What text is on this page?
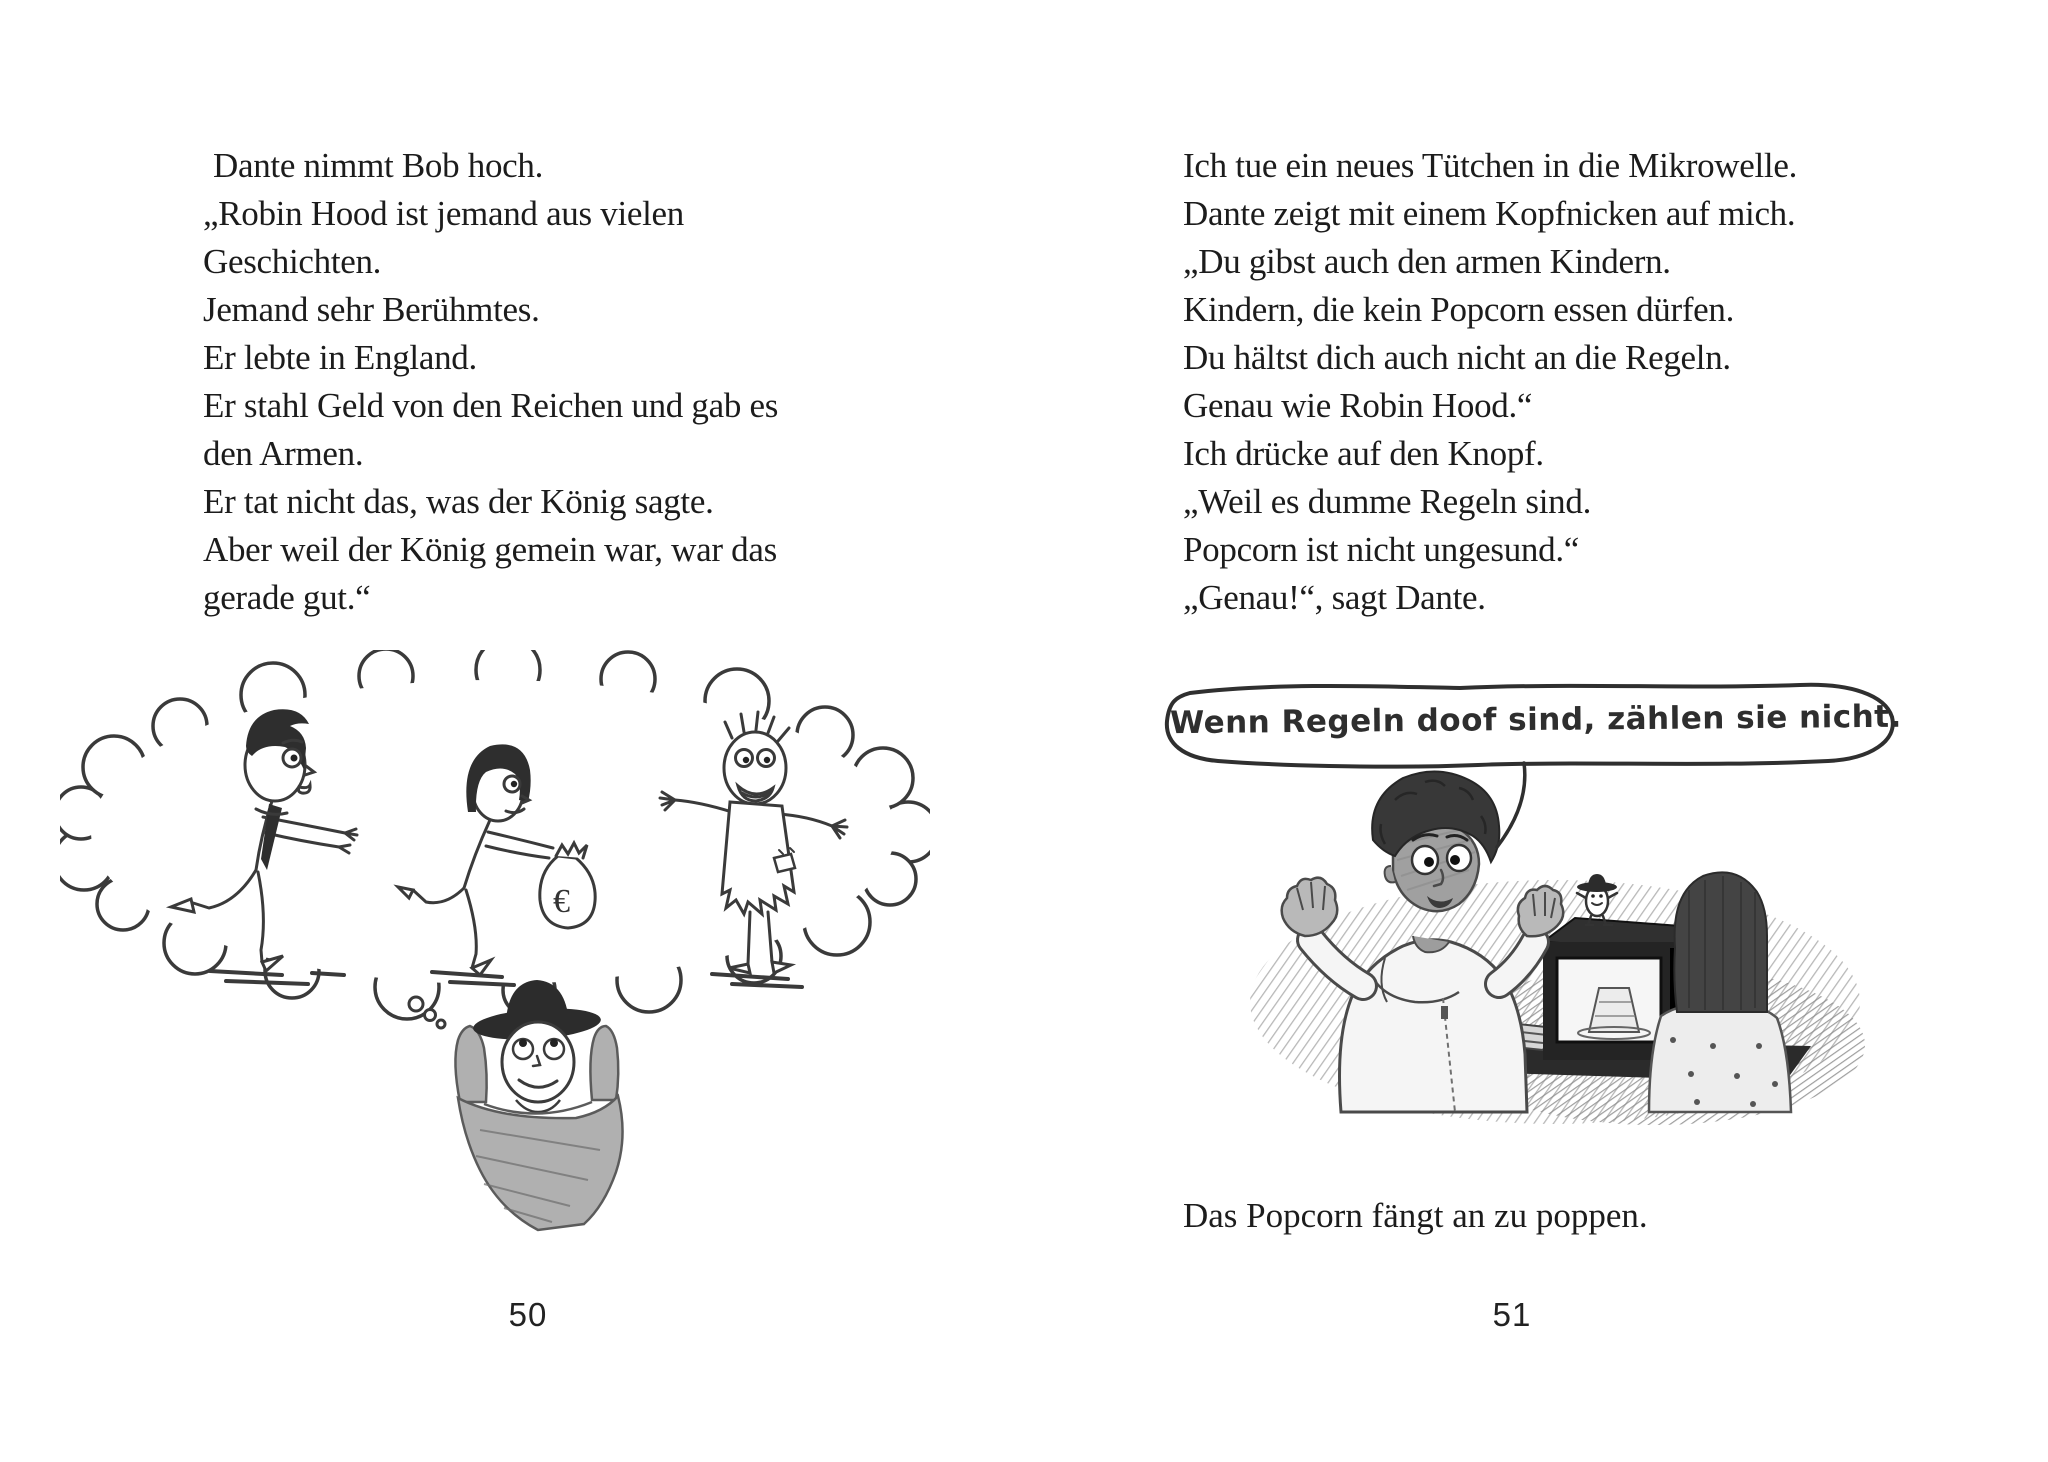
Dante nimmt Bob hoch.
„Robin Hood ist jemand aus vielen
Geschichten.
Jemand sehr Berühmtes.
Er lebte in England.
Er stahl Geld von den Reichen und gab es
den Armen.
Er tat nicht das, was der König sagte.
Aber weil der König gemein war, war das
gerade gut.“
€
50
Ich tue ein neues Tütchen in die Mikrowelle.
Dante zeigt mit einem Kopfnicken auf mich.
„Du gibst auch den armen Kindern.
Kindern, die kein Popcorn essen dürfen.
Du hältst dich auch nicht an die Regeln.
Genau wie Robin Hood.“
Ich drücke auf den Knopf.
„Weil es dumme Regeln sind.
Popcorn ist nicht ungesund.“
„Genau!“, sagt Dante.
Wenn Regeln doof sind, zählen sie nicht.
Das Popcorn fängt an zu poppen.
51
